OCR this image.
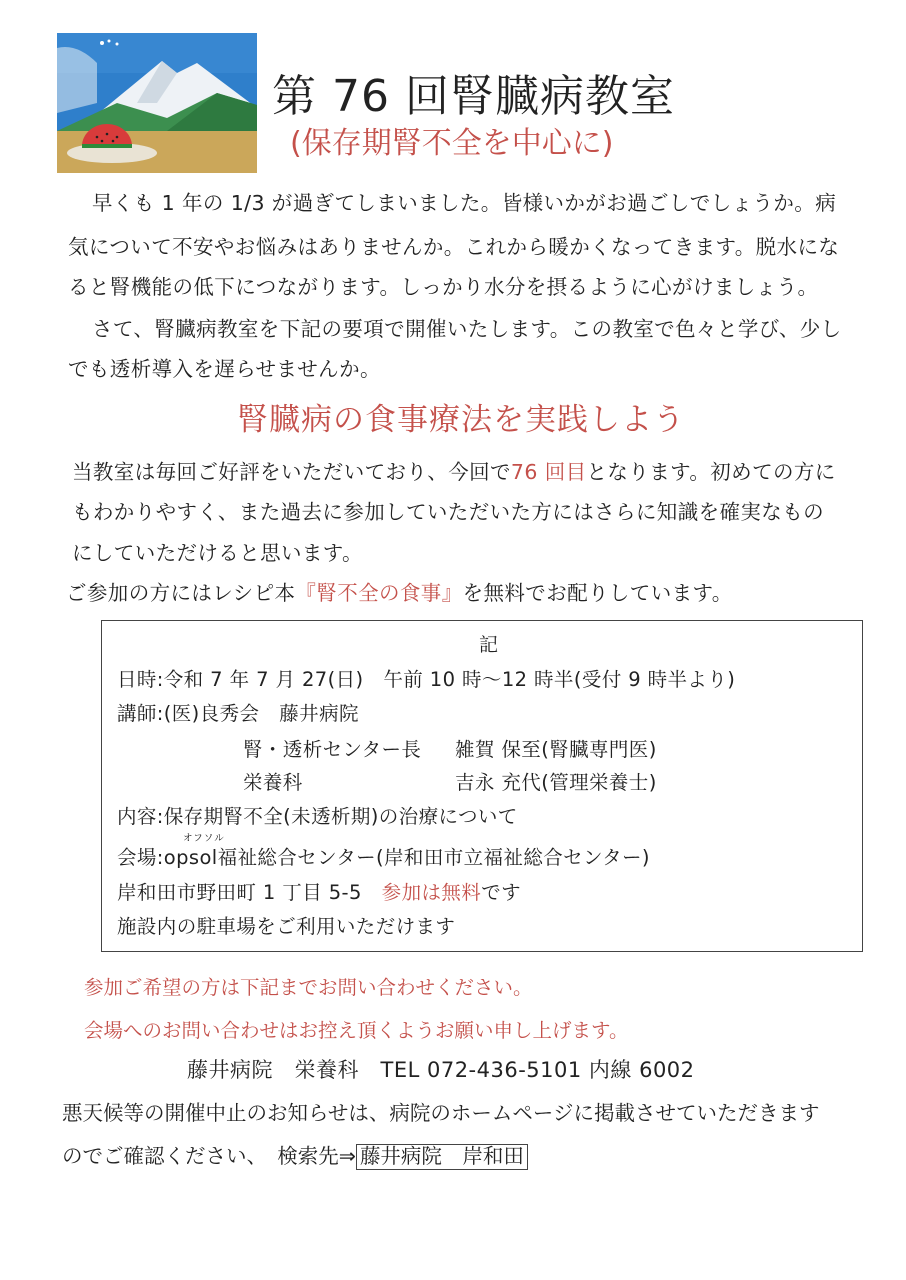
第 76 回腎臓病教室
(保存期腎不全を中心に)
早くも 1 年の 1/3 が過ぎてしまいました。皆様いかがお過ごしでしょうか。病
気について不安やお悩みはありませんか。これから暖かくなってきます。脱水にな
ると腎機能の低下につながります。しっかり水分を摂るように心がけましょう。
さて、腎臓病教室を下記の要項で開催いたします。この教室で色々と学び、少し
でも透析導入を遅らせませんか。
腎臓病の食事療法を実践しよう
当教室は毎回ご好評をいただいており、今回で76 回目となります。初めての方に
もわかりやすく、また過去に参加していただいた方にはさらに知識を確実なもの
にしていただけると思います。
ご参加の方にはレシピ本『腎不全の食事』を無料でお配りしています。
記
日時:令和 7 年 7 月 27(日)　午前 10 時～12 時半(受付 9 時半より)
講師:(医)良秀会　藤井病院
腎・透析センター長 雑賀 保至(腎臓専門医)
栄養科	吉永 充代(管理栄養士)
内容:保存期腎不全(未透析期)の治療について
オフソル
会場:opsol福祉総合センター(岸和田市立福祉総合センター)
岸和田市野田町 1 丁目 5-5　 参加は無料です
施設内の駐車場をご利用いただけます
参加ご希望の方は下記までお問い合わせください。
会場へのお問い合わせはお控え頂くようお願い申し上げます。
藤井病院　栄養科　TEL 072-436-5101 内線 6002
悪天候等の開催中止のお知らせは、病院のホームページに掲載させていただきます
のでご確認ください、　検索先⇒ 藤井病院　岸和田
